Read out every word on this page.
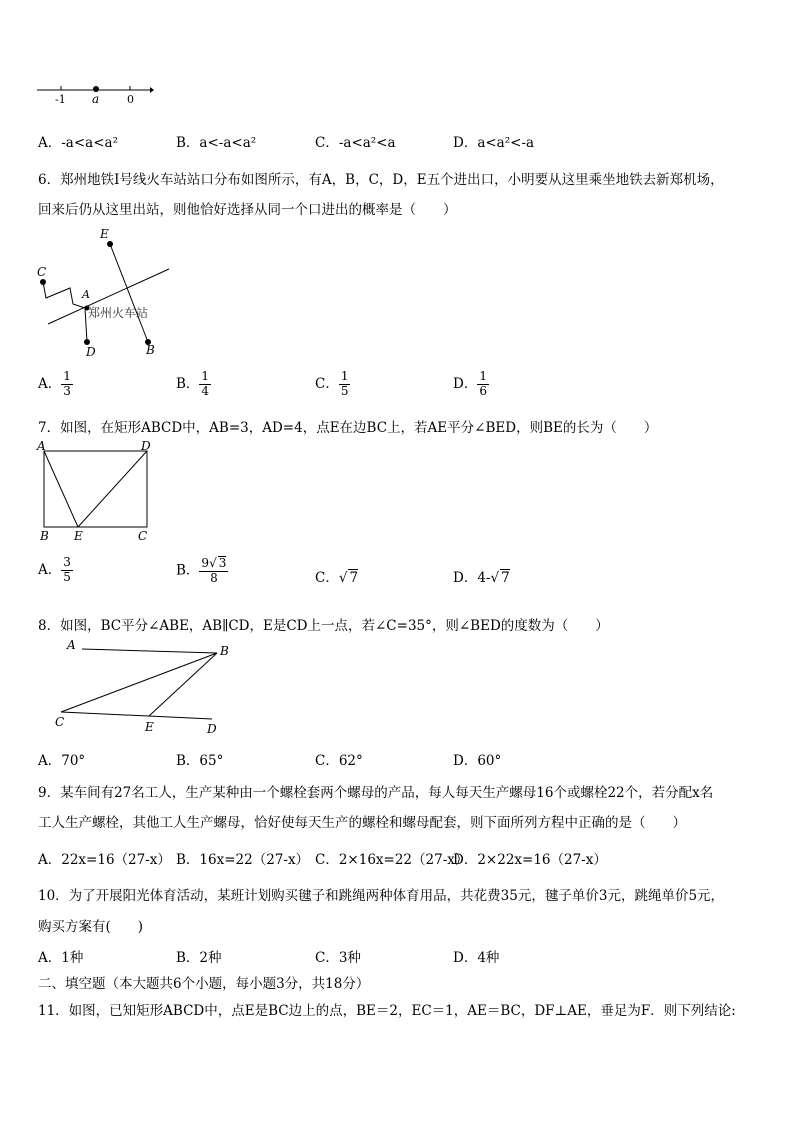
-1 a	0
A．-a<a<a²	B．a<-a<a²	C．-a<a²<a	D．a<a²<-a
6．郑州地铁Ⅰ号线火车站站口分布如图所示，有A，B，C，D，E五个进出口，小明要从这里乘坐地铁去新郑机场，
回来后仍从这里出站，则他恰好选择从同一个口进出的概率是（　　）
E
C
A
郑州火车站
D	B
A． $\frac{1}{3}$	B． $\frac{1}{4}$	C． $\frac{1}{5}$	D． $\frac{1}{6}$
7．如图，在矩形ABCD中，AB=3，AD=4，点E在边BC上，若AE平分∠BED，则BE的长为（　　）
A	D
B E	C
A． $\frac{3}{5}$	B． $\frac{9√ 3}{8}$	C．√ 7	D．4-√ 7
8．如图，BC平分∠ABE，AB∥CD，E是CD上一点，若∠C=35°，则∠BED的度数为（　　）
A	B
C	E	D
A．70°	B．65°	C．62°	D．60°
9．某车间有27名工人，生产某种由一个螺栓套两个螺母的产品，每人每天生产螺母16个或螺栓22个，若分配x名
工人生产螺栓，其他工人生产螺母，恰好使每天生产的螺栓和螺母配套，则下面所列方程中正确的是（　　）
A．22x=16（27-x） B．16x=22（27-x） C．2×16x=22（27-x）
D．2×22x=16（27-x）
10．为了开展阳光体育活动，某班计划购买毽子和跳绳两种体育用品，共花费35元，毽子单价3元，跳绳单价5元，
购买方案有(　　)
A．1种	B．2种	C．3种	D．4种
二、填空题（本大题共6个小题，每小题3分，共18分）
11．如图，已知矩形ABCD中，点E是BC边上的点，BE＝2，EC＝1，AE＝BC，DF⊥AE，垂足为F．则下列结论:
